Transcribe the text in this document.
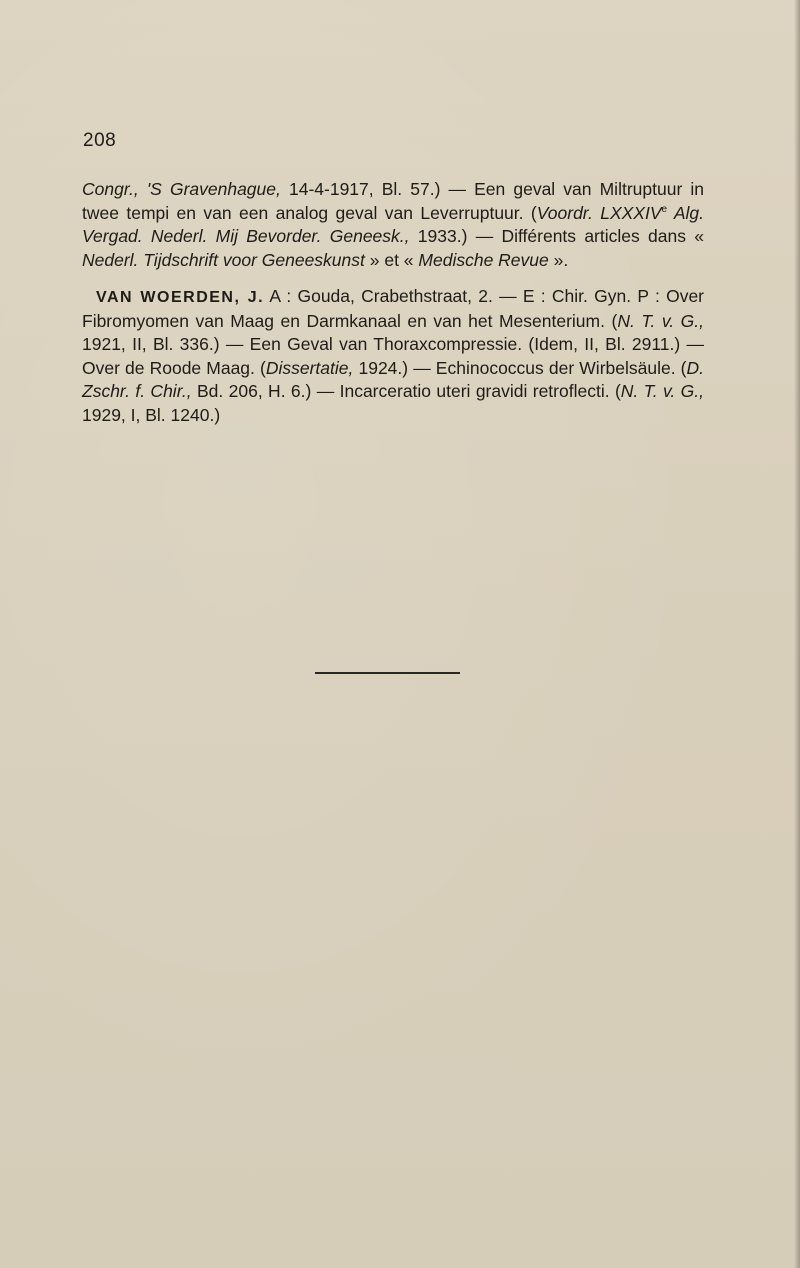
208

Congr., 'S Gravenhague, 14-4-1917, Bl. 57.) — Een geval van Miltruptuur in twee tempi en van een analog geval van Leverruptuur. (Voordr. LXXXIVe Alg. Vergad. Nederl. Mij Bevorder. Geneesk., 1933.) — Différents articles dans « Nederl. Tijdschrift voor Geneeskunst » et « Medische Revue ».

VAN WOERDEN, J. A : Gouda, Crabethstraat, 2. — E : Chir. Gyn. P : Over Fibromyomen van Maag en Darmkanaal en van het Mesenterium. (N. T. v. G., 1921, II, Bl. 336.) — Een Geval van Thoraxcompressie. (Idem, II, Bl. 2911.) — Over de Roode Maag. (Dissertatie, 1924.) — Echinococcus der Wirbelsäule. (D. Zschr. f. Chir., Bd. 206, H. 6.) — Incarceratio uteri gravidi retroflecti. (N. T. v. G., 1929, I, Bl. 1240.)
